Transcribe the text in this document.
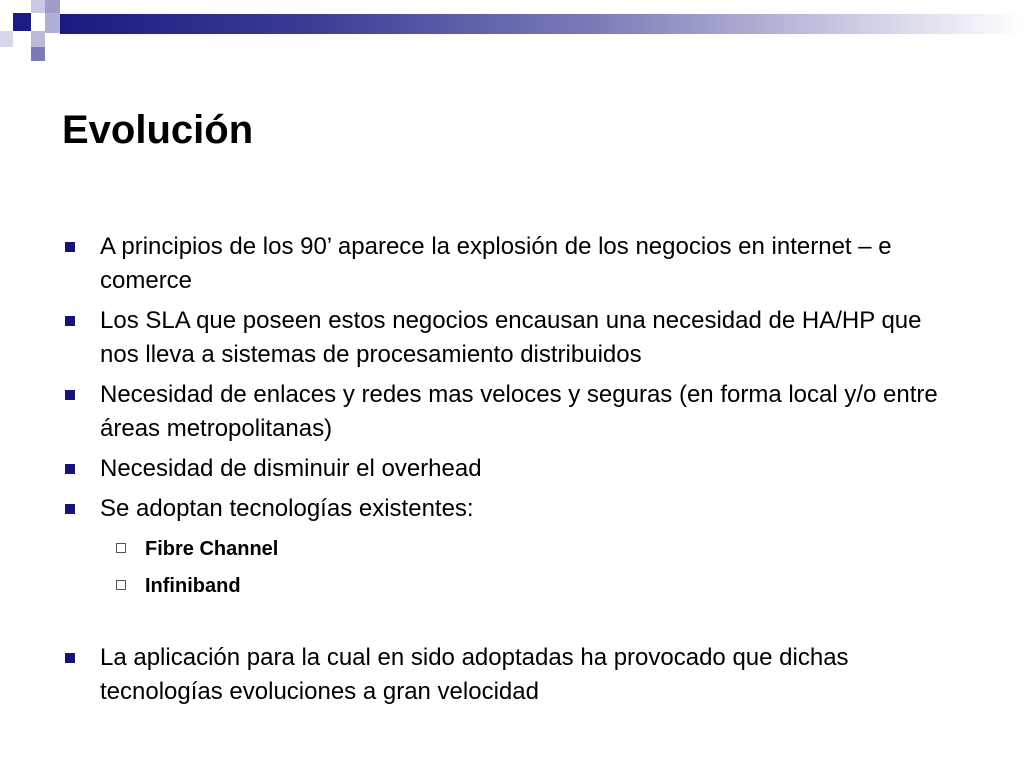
Evolución
A principios de los 90’ aparece la explosión de los negocios en internet – e comerce
Los SLA que poseen estos negocios encausan una necesidad de HA/HP que nos lleva a sistemas de procesamiento distribuidos
Necesidad de enlaces y redes mas veloces y seguras (en forma local y/o entre áreas metropolitanas)
Necesidad de disminuir el overhead
Se adoptan tecnologías existentes:
Fibre Channel
Infiniband
La aplicación para la cual en sido adoptadas ha provocado que dichas tecnologías evoluciones a gran velocidad
